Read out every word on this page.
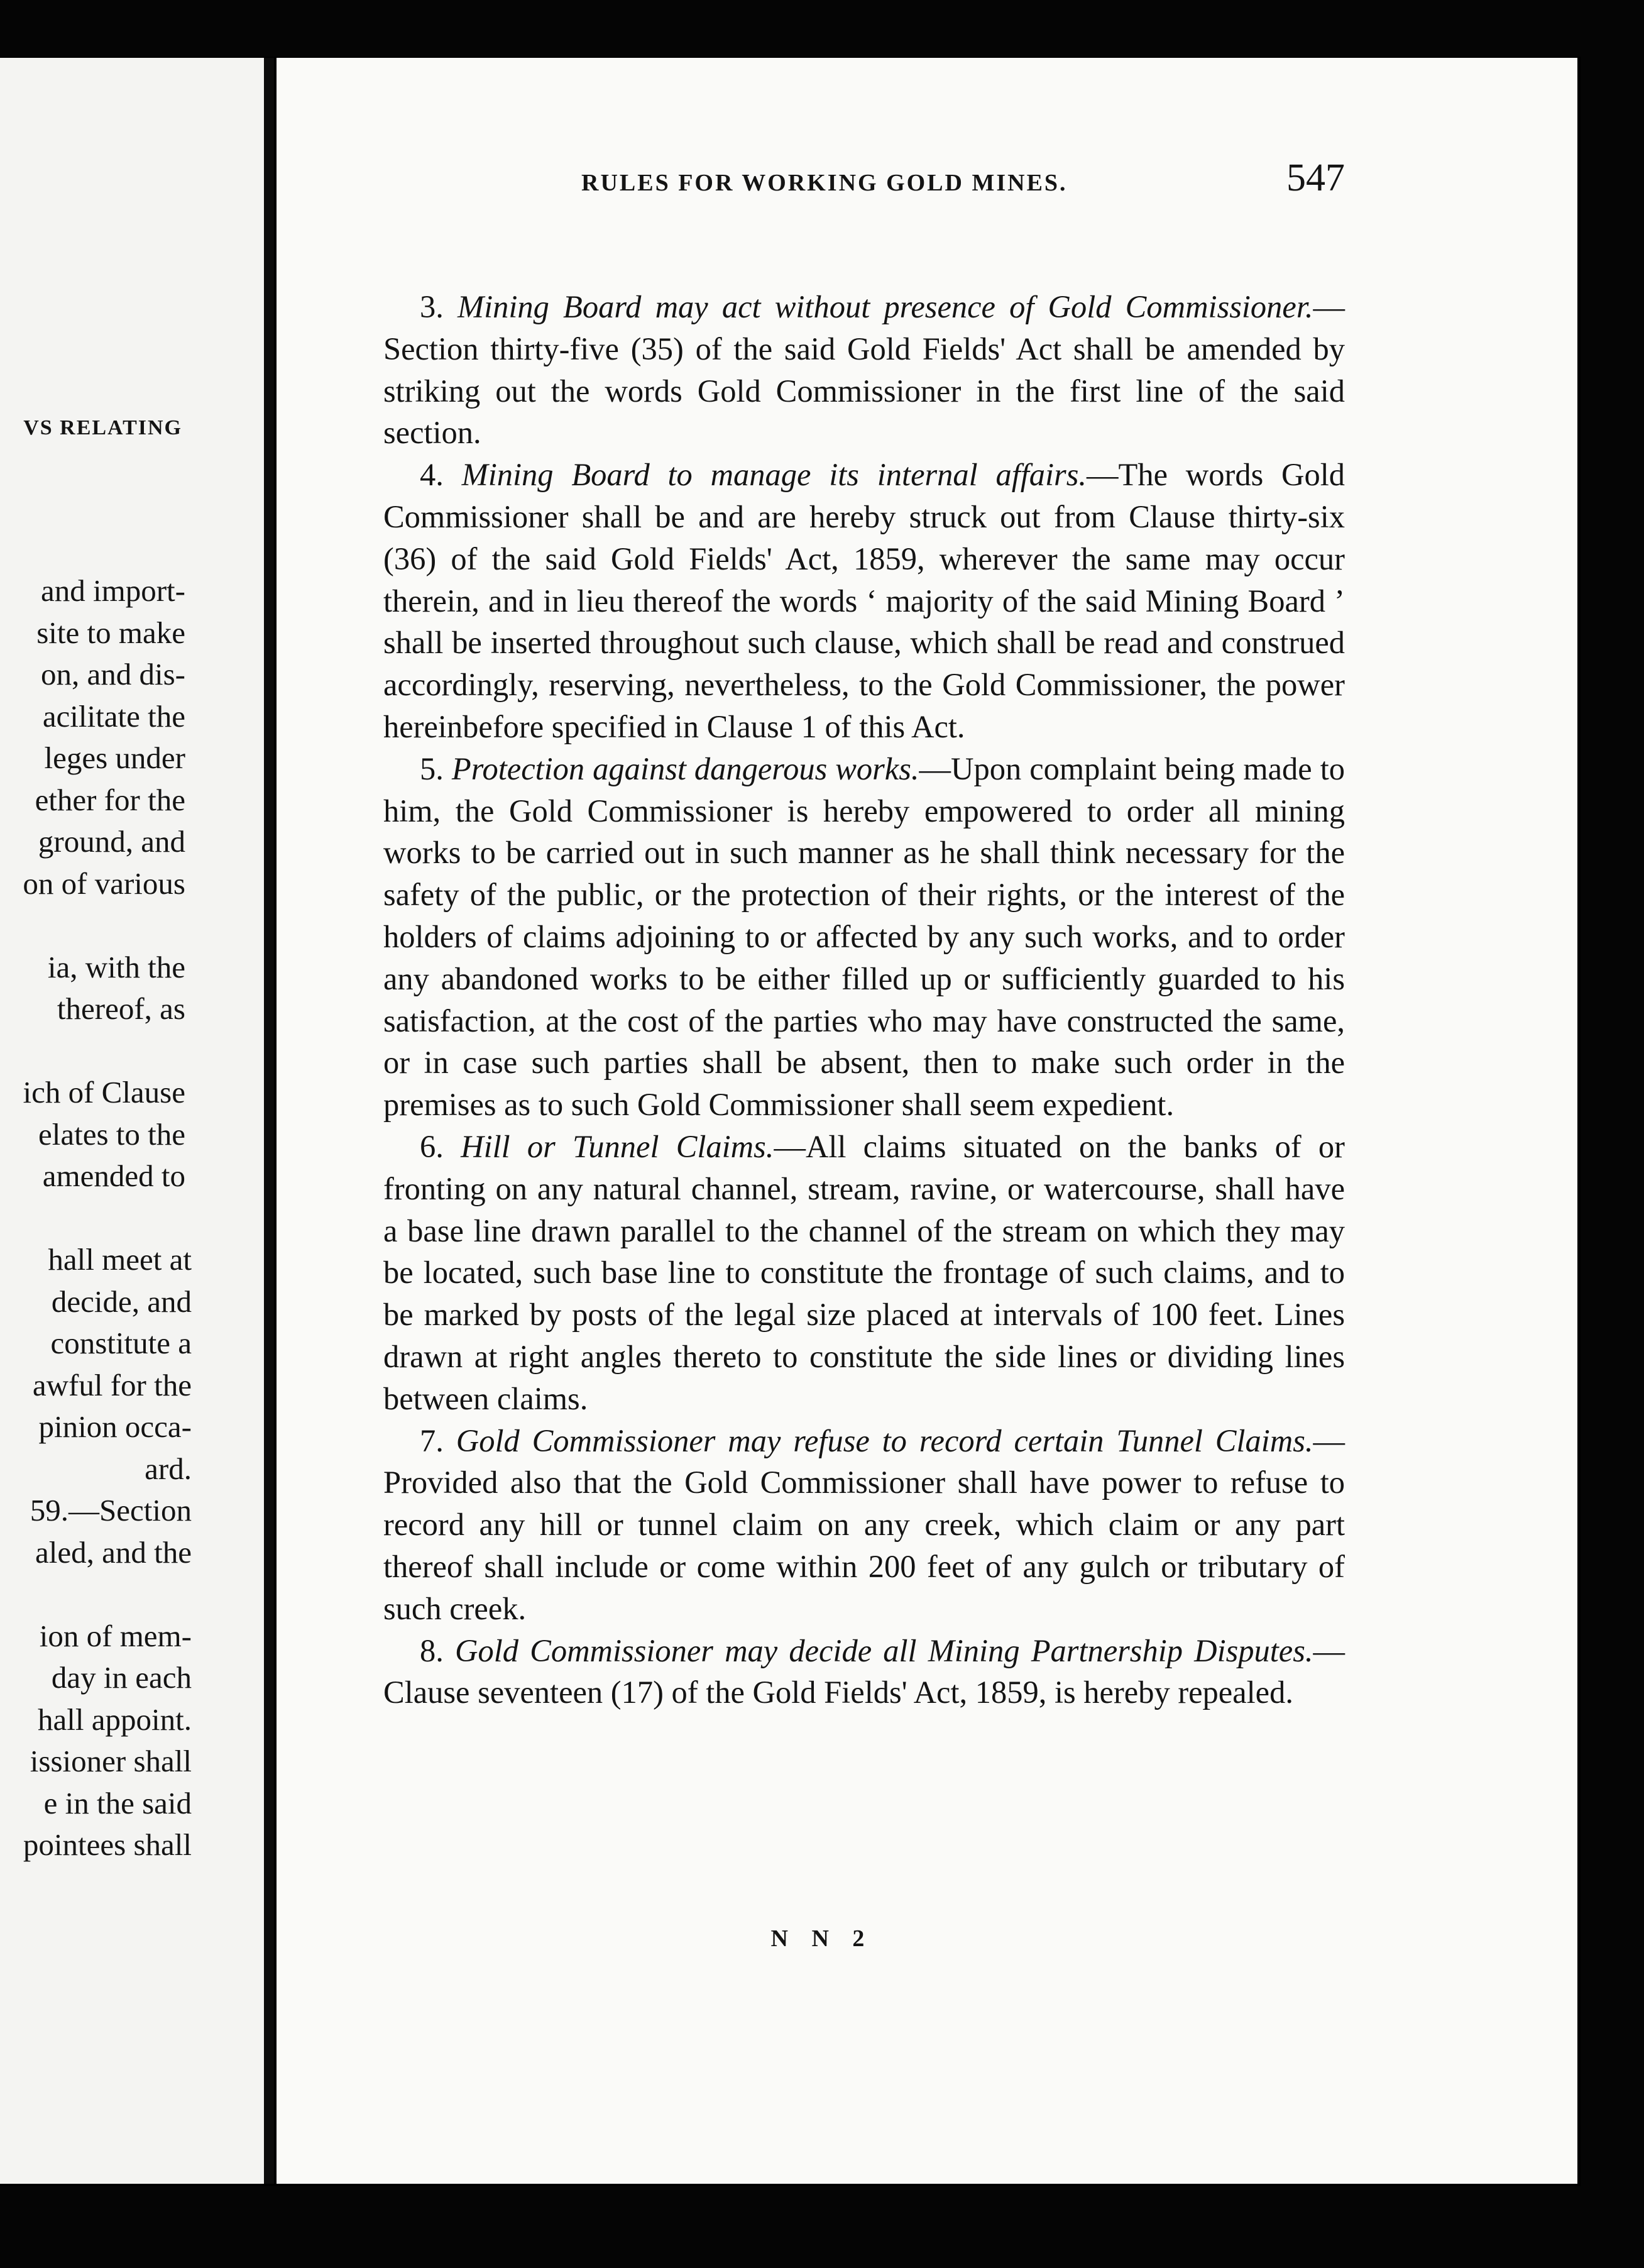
VS RELATING
and import-
site to make
on, and dis-
acilitate the
leges under
ether for the
ground, and
on of various
ia, with the
thereof, as
ich of Clause
elates to the
amended to
hall meet at
decide, and
constitute a
awful for the
pinion occa-
ard.
59.—Section
aled, and the
ion of mem-
day in each
hall appoint.
issioner shall
e in the said
pointees shall
RULES FOR WORKING GOLD MINES.	547

3. Mining Board may act without presence of Gold Commissioner.—Section thirty-five (35) of the said Gold Fields' Act shall be amended by striking out the words Gold Commissioner in the first line of the said section.

4. Mining Board to manage its internal affairs.—The words Gold Commissioner shall be and are hereby struck out from Clause thirty-six (36) of the said Gold Fields' Act, 1859, wherever the same may occur therein, and in lieu thereof the words ‘ majority of the said Mining Board ’ shall be inserted throughout such clause, which shall be read and construed accordingly, reserving, nevertheless, to the Gold Commissioner, the power hereinbefore specified in Clause 1 of this Act.

5. Protection against dangerous works.—Upon complaint being made to him, the Gold Commissioner is hereby empowered to order all mining works to be carried out in such manner as he shall think necessary for the safety of the public, or the protection of their rights, or the interest of the holders of claims adjoining to or affected by any such works, and to order any abandoned works to be either filled up or sufficiently guarded to his satisfaction, at the cost of the parties who may have constructed the same, or in case such parties shall be absent, then to make such order in the premises as to such Gold Commissioner shall seem expedient.

6. Hill or Tunnel Claims.—All claims situated on the banks of or fronting on any natural channel, stream, ravine, or watercourse, shall have a base line drawn parallel to the channel of the stream on which they may be located, such base line to constitute the frontage of such claims, and to be marked by posts of the legal size placed at intervals of 100 feet. Lines drawn at right angles thereto to constitute the side lines or dividing lines between claims.

7. Gold Commissioner may refuse to record certain Tunnel Claims.—Provided also that the Gold Commissioner shall have power to refuse to record any hill or tunnel claim on any creek, which claim or any part thereof shall include or come within 200 feet of any gulch or tributary of such creek.

8. Gold Commissioner may decide all Mining Partnership Disputes.—Clause seventeen (17) of the Gold Fields' Act, 1859, is hereby repealed.

N N 2
